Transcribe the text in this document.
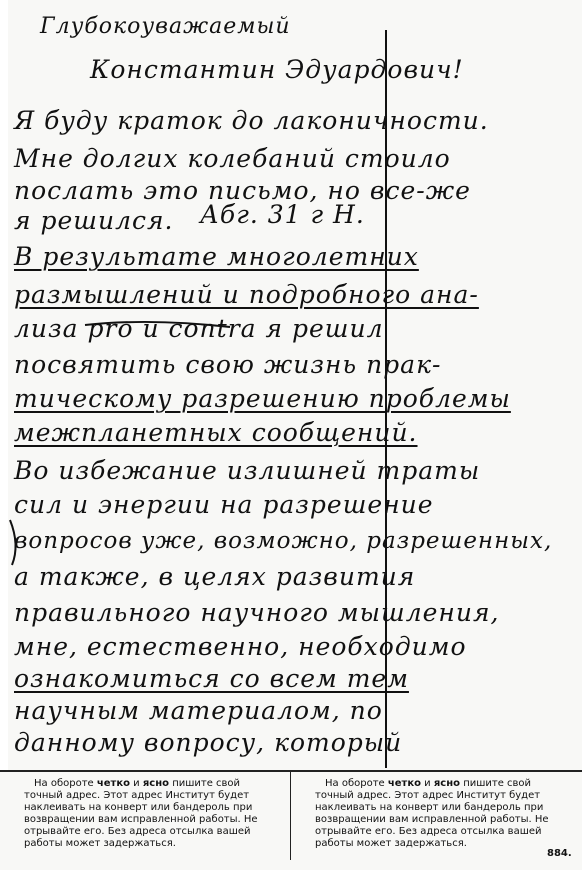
Глубокоуважаемый
Константин Эдуардович!
Я буду краток до лаконичности.
Мне долгих колебаний стоило
послать это письмо, но все-же
я решился. Абг. 31 г Н.
В результате многолетних
размышлений и подробного ана-
лиза pro и contra я решил
посвятить свою жизнь прак-
тическому разрешению проблемы
межпланетных сообщений.
Во избежание излишней траты
сил и энергии на разрешение
вопросов уже, возможно, разрешенных,
а также, в целях развития
правильного научного мышления,
мне, естественно, необходимо
ознакомиться со всем тем
научным материалом, по
данному вопросу, который
На обороте четко и ясно пишите свой точный адрес. Этот адрес Институт будет наклеивать на конверт или бандероль при возвращении вам исправленной работы. Не отрывайте его. Без адреса отсылка вашей работы может задержаться.
На обороте четко и ясно пишите свой точный адрес. Этот адрес Институт будет наклеивать на конверт или бандероль при возвращении вам исправленной работы. Не отрывайте его. Без адреса отсылка вашей работы может задержаться.
884.
